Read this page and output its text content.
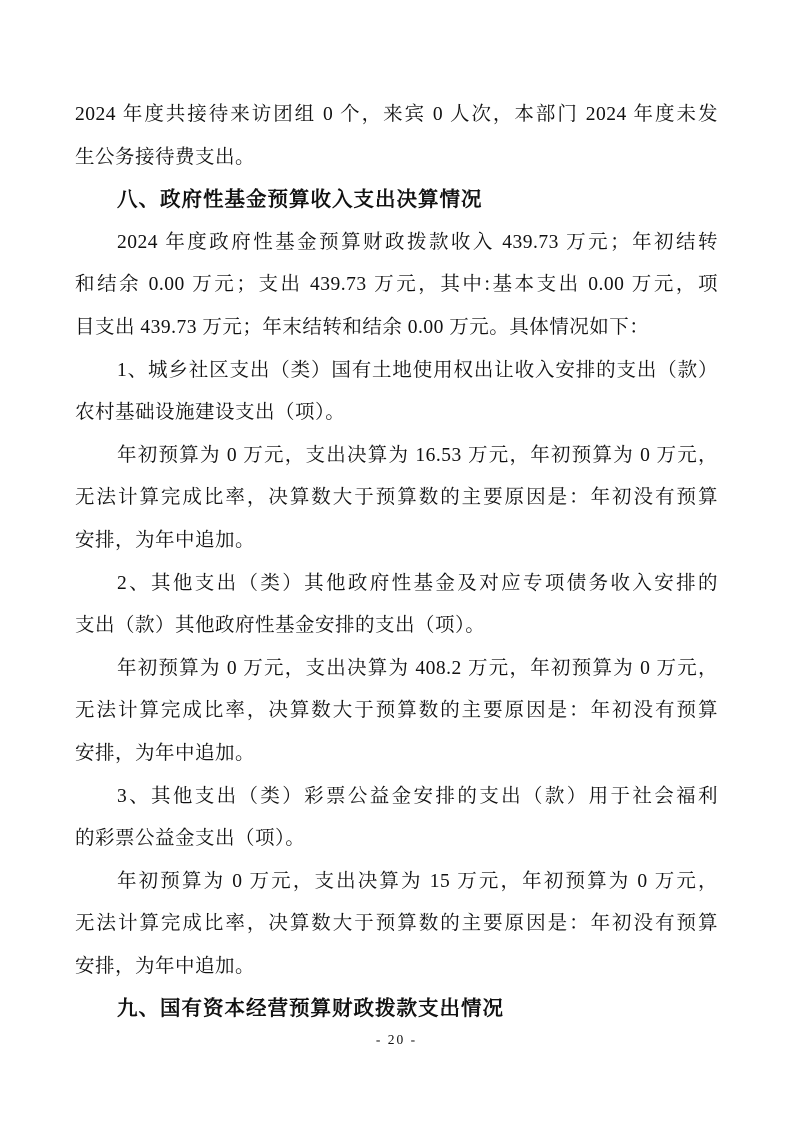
2024 年度共接待来访团组 0 个，来宾 0 人次，本部门 2024 年度未发
生公务接待费支出。
八、政府性基金预算收入支出决算情况
2024 年度政府性基金预算财政拨款收入 439.73 万元；年初结转
和结余 0.00 万元；支出 439.73 万元，其中:基本支出 0.00 万元，项
目支出 439.73 万元；年末结转和结余 0.00 万元。具体情况如下：
1、城乡社区支出（类）国有土地使用权出让收入安排的支出（款）
农村基础设施建设支出（项）。
年初预算为 0 万元，支出决算为 16.53 万元，年初预算为 0 万元，
无法计算完成比率，决算数大于预算数的主要原因是：年初没有预算
安排，为年中追加。
2、其他支出（类）其他政府性基金及对应专项债务收入安排的
支出（款）其他政府性基金安排的支出（项）。
年初预算为 0 万元，支出决算为 408.2 万元，年初预算为 0 万元，
无法计算完成比率，决算数大于预算数的主要原因是：年初没有预算
安排，为年中追加。
3、其他支出（类）彩票公益金安排的支出（款）用于社会福利
的彩票公益金支出（项）。
年初预算为 0 万元，支出决算为 15 万元，年初预算为 0 万元，
无法计算完成比率，决算数大于预算数的主要原因是：年初没有预算
安排，为年中追加。
九、国有资本经营预算财政拨款支出情况
- 20 -
